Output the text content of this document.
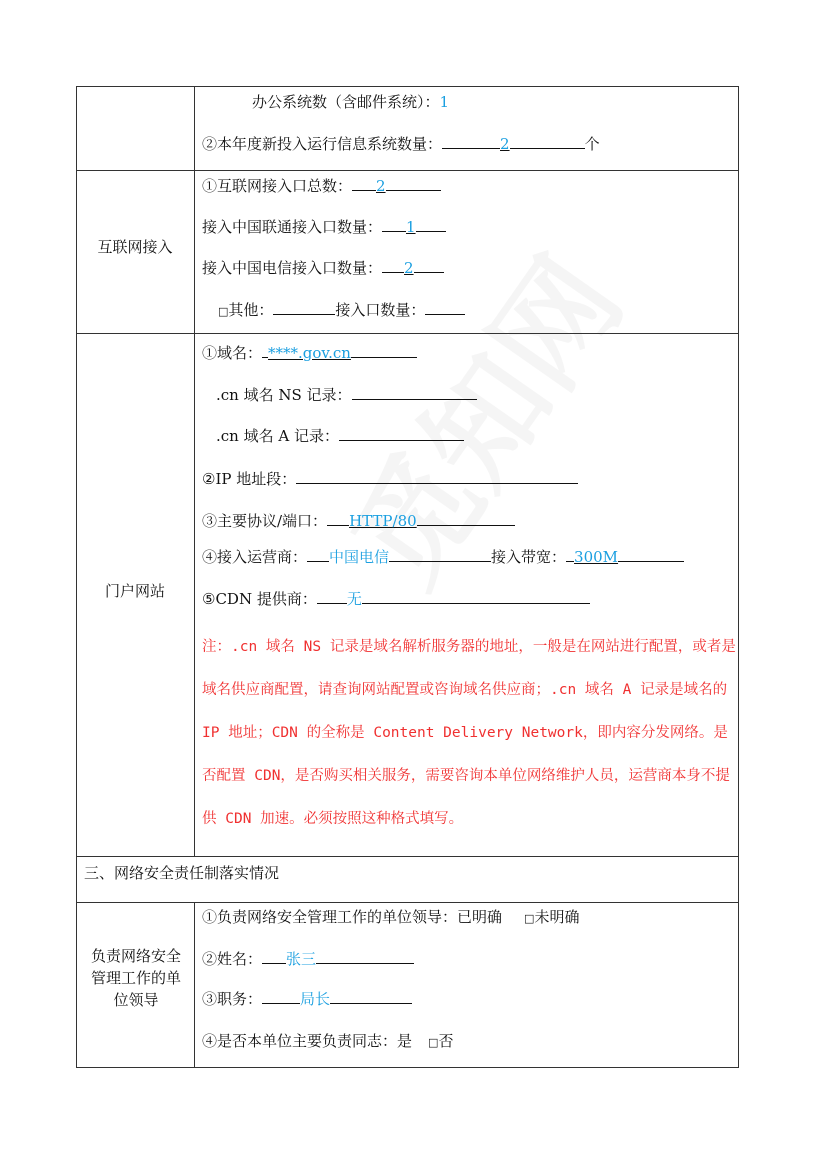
办公系统数（含邮件系统）：1
②本年度新投入运行信息系统数量：	2	个
互联网接入
①互联网接入口总数： 2
接入中国联通接入口数量： 1
接入中国电信接入口数量： 2
□其他：	接入口数量：
门户网站
①域名： ****.gov.cn
.cn 域名 NS 记录：
.cn 域名 A 记录：
②IP 地址段：
③主要协议/端口： HTTP/80
④接入运营商： 中国电信	接入带宽： 300M
⑤CDN 提供商： 无
注：.cn 域名 NS 记录是域名解析服务器的地址，一般是在网站进行配置，或者是域名供应商配置，请查询网站配置或咨询域名供应商；.cn 域名 A 记录是域名的 IP 地址；CDN 的全称是 Content Delivery Network，即内容分发网络。是否配置 CDN，是否购买相关服务，需要咨询本单位网络维护人员，运营商本身不提供 CDN 加速。必须按照这种格式填写。
三、网络安全责任制落实情况
负责网络安全管理工作的单位领导
①负责网络安全管理工作的单位领导：已明确 □未明确
②姓名： 张三
③职务：	局长
④是否本单位主要负责同志：是 □否
